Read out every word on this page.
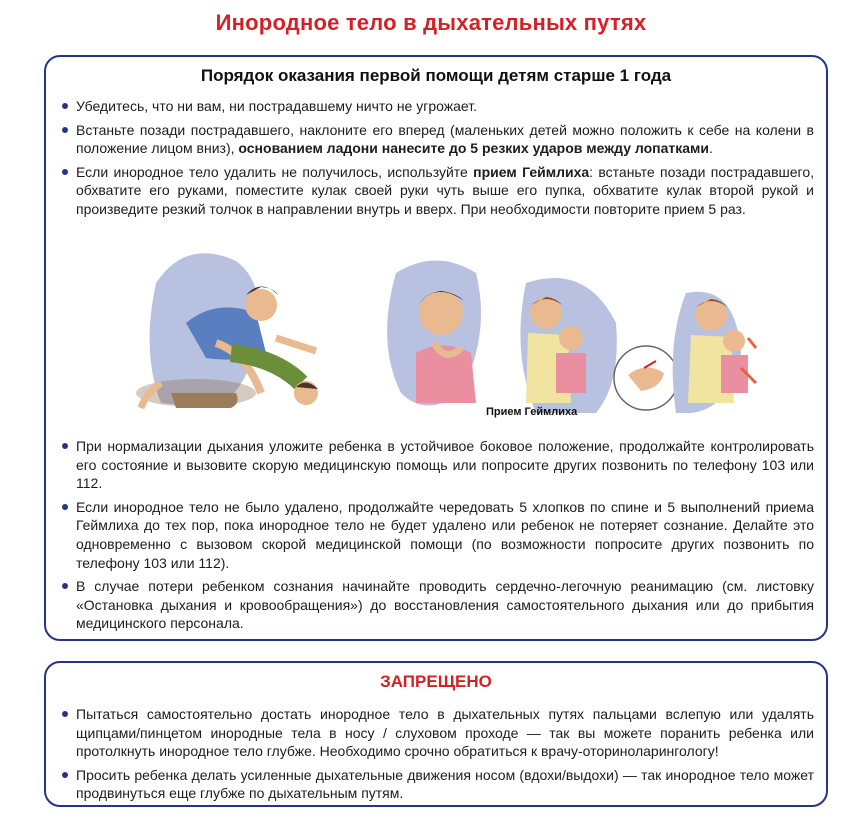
Инородное тело в дыхательных путях
Порядок оказания первой помощи детям старше 1 года
Убедитесь, что ни вам, ни пострадавшему ничто не угрожает.
Встаньте позади пострадавшего, наклоните его вперед (маленьких детей можно положить к себе на колени в положение лицом вниз), основанием ладони нанесите до 5 резких ударов между лопатками.
Если инородное тело удалить не получилось, используйте прием Геймлиха: встаньте позади пострадавшего, обхватите его руками, поместите кулак своей руки чуть выше его пупка, обхватите кулак второй рукой и произведите резкий толчок в направлении внутрь и вверх. При необходимости повторите прием 5 раз.
Прием Геймлиха
При нормализации дыхания уложите ребенка в устойчивое боковое положение, продолжайте контролировать его состояние и вызовите скорую медицинскую помощь или попросите других позвонить по телефону 103 или 112.
Если инородное тело не было удалено, продолжайте чередовать 5 хлопков по спине и 5 выполнений приема Геймлиха до тех пор, пока инородное тело не будет удалено или ребенок не потеряет сознание. Делайте это одновременно с вызовом скорой медицинской помощи (по возможности попросите других позвонить по телефону 103 или 112).
В случае потери ребенком сознания начинайте проводить сердечно-легочную реанимацию (см. листовку «Остановка дыхания и кровообращения») до восстановления самостоятельного дыхания или до прибытия медицинского персонала.
ЗАПРЕЩЕНО
Пытаться самостоятельно достать инородное тело в дыхательных путях пальцами вслепую или удалять щипцами/пинцетом инородные тела в носу / слуховом проходе — так вы можете поранить ребенка или протолкнуть инородное тело глубже. Необходимо срочно обратиться к врачу-оториноларингологу!
Просить ребенка делать усиленные дыхательные движения носом (вдохи/выдохи) — так инородное тело может продвинуться еще глубже по дыхательным путям.
